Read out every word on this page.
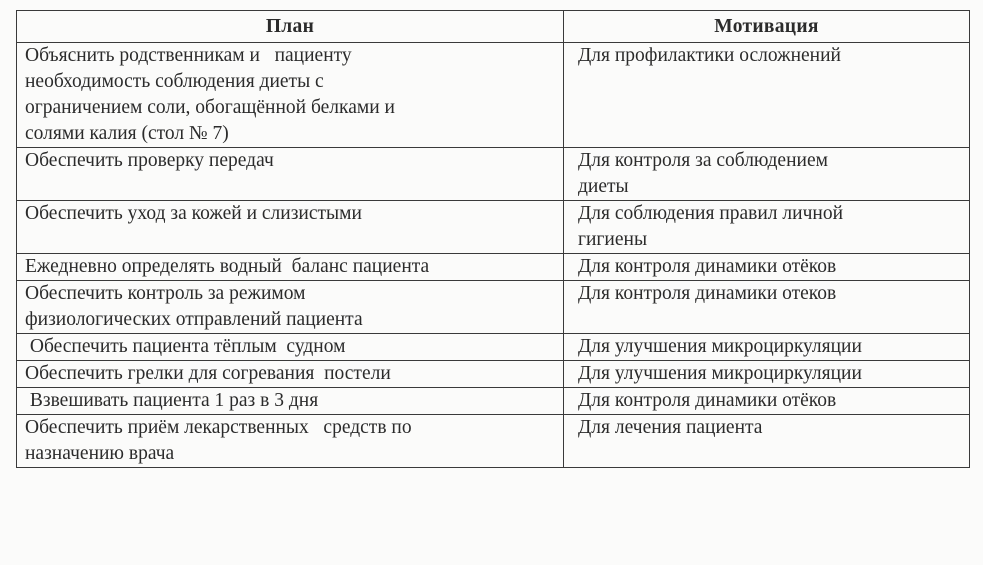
План	Мотивация
Объяснить родственникам и   пациенту
необходимость соблюдения диеты с
ограничением соли, обогащённой белками и
солями калия (стол № 7)	Для профилактики осложнений
Обеспечить проверку передач	Для контроля за соблюдением
диеты
Обеспечить уход за кожей и слизистыми	Для соблюдения правил личной
гигиены
Ежедневно определять водный  баланс пациента	Для контроля динамики отёков
Обеспечить контроль за режимом
физиологических отправлений пациента	Для контроля динамики отеков
Обеспечить пациента тёплым  судном	Для улучшения микроциркуляции
Обеспечить грелки для согревания  постели	Для улучшения микроциркуляции
Взвешивать пациента 1 раз в 3 дня	Для контроля динамики отёков
Обеспечить приём лекарственных   средств по
назначению врача	Для лечения пациента
